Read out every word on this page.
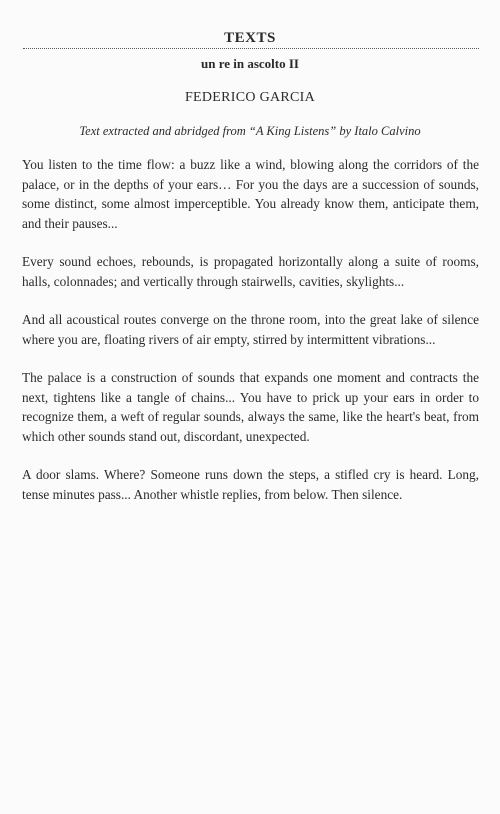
TEXTS
un re in ascolto II
FEDERICO GARCIA
Text extracted and abridged from “A King Listens” by Italo Calvino

You listen to the time flow: a buzz like a wind, blowing along the corridors of the palace, or in the depths of your ears… For you the days are a succession of sounds, some distinct, some almost imperceptible. You already know them, anticipate them, and their pauses...

Every sound echoes, rebounds, is propagated horizontally along a suite of rooms, halls, colonnades; and vertically through stairwells, cavities, skylights...

And all acoustical routes converge on the throne room, into the great lake of silence where you are, floating rivers of air empty, stirred by intermittent vibrations...

The palace is a construction of sounds that expands one moment and contracts the next, tightens like a tangle of chains... You have to prick up your ears in order to recognize them, a weft of regular sounds, always the same, like the heart's beat, from which other sounds stand out, discordant, unexpected.

A door slams. Where? Someone runs down the steps, a stifled cry is heard. Long, tense minutes pass... Another whistle replies, from below. Then silence.
